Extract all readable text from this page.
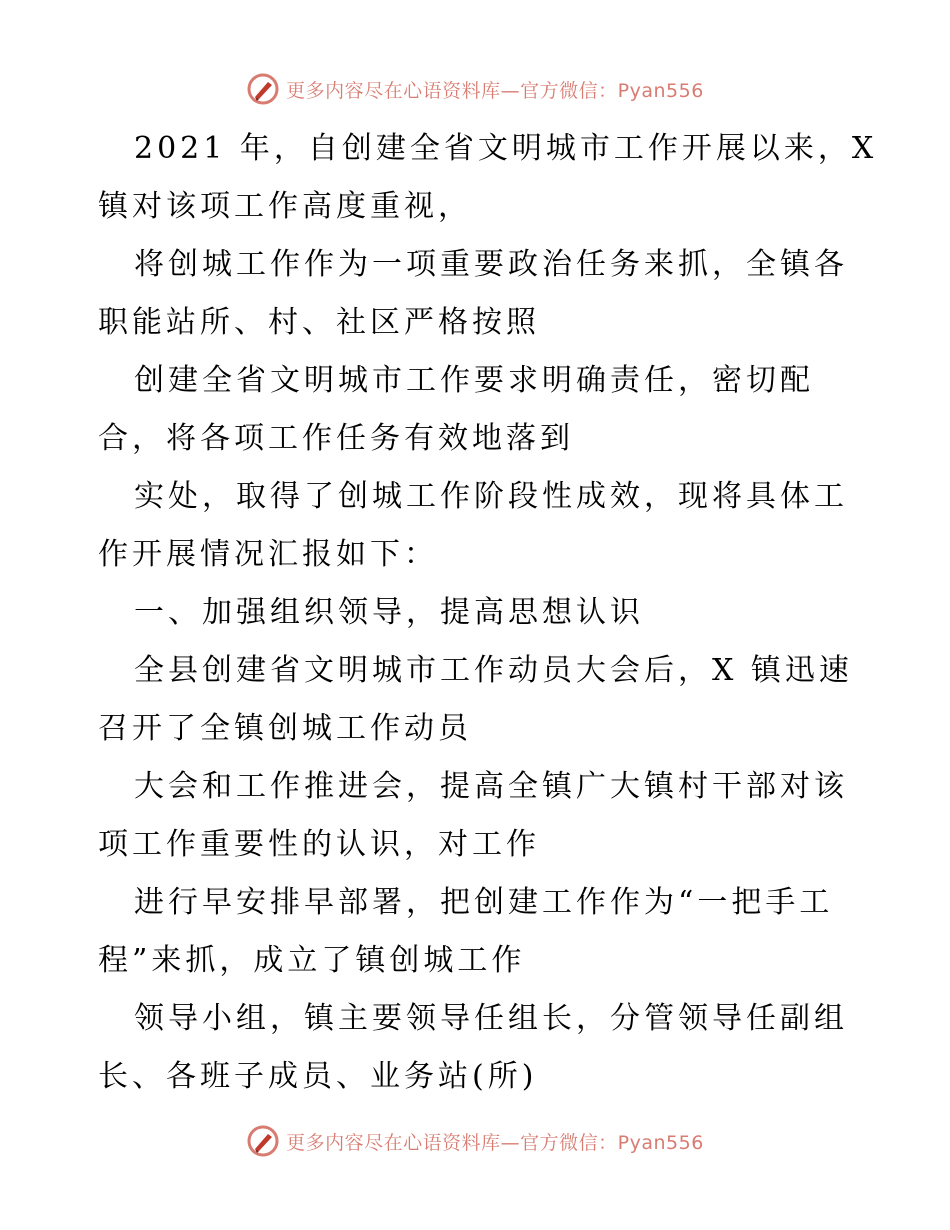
更多内容尽在心语资料库—官方微信：Pyan556
2021 年，自创建全省文明城市工作开展以来，X
镇对该项工作高度重视，
将创城工作作为一项重要政治任务来抓，全镇各
职能站所、村、社区严格按照
创建全省文明城市工作要求明确责任，密切配
合，将各项工作任务有效地落到
实处，取得了创城工作阶段性成效，现将具体工
作开展情况汇报如下：
一、加强组织领导，提高思想认识
全县创建省文明城市工作动员大会后，X 镇迅速
召开了全镇创城工作动员
大会和工作推进会，提高全镇广大镇村干部对该
项工作重要性的认识，对工作
进行早安排早部署，把创建工作作为“一把手工
程”来抓，成立了镇创城工作
领导小组，镇主要领导任组长，分管领导任副组
长、各班子成员、业务站(所)
更多内容尽在心语资料库—官方微信：Pyan556
